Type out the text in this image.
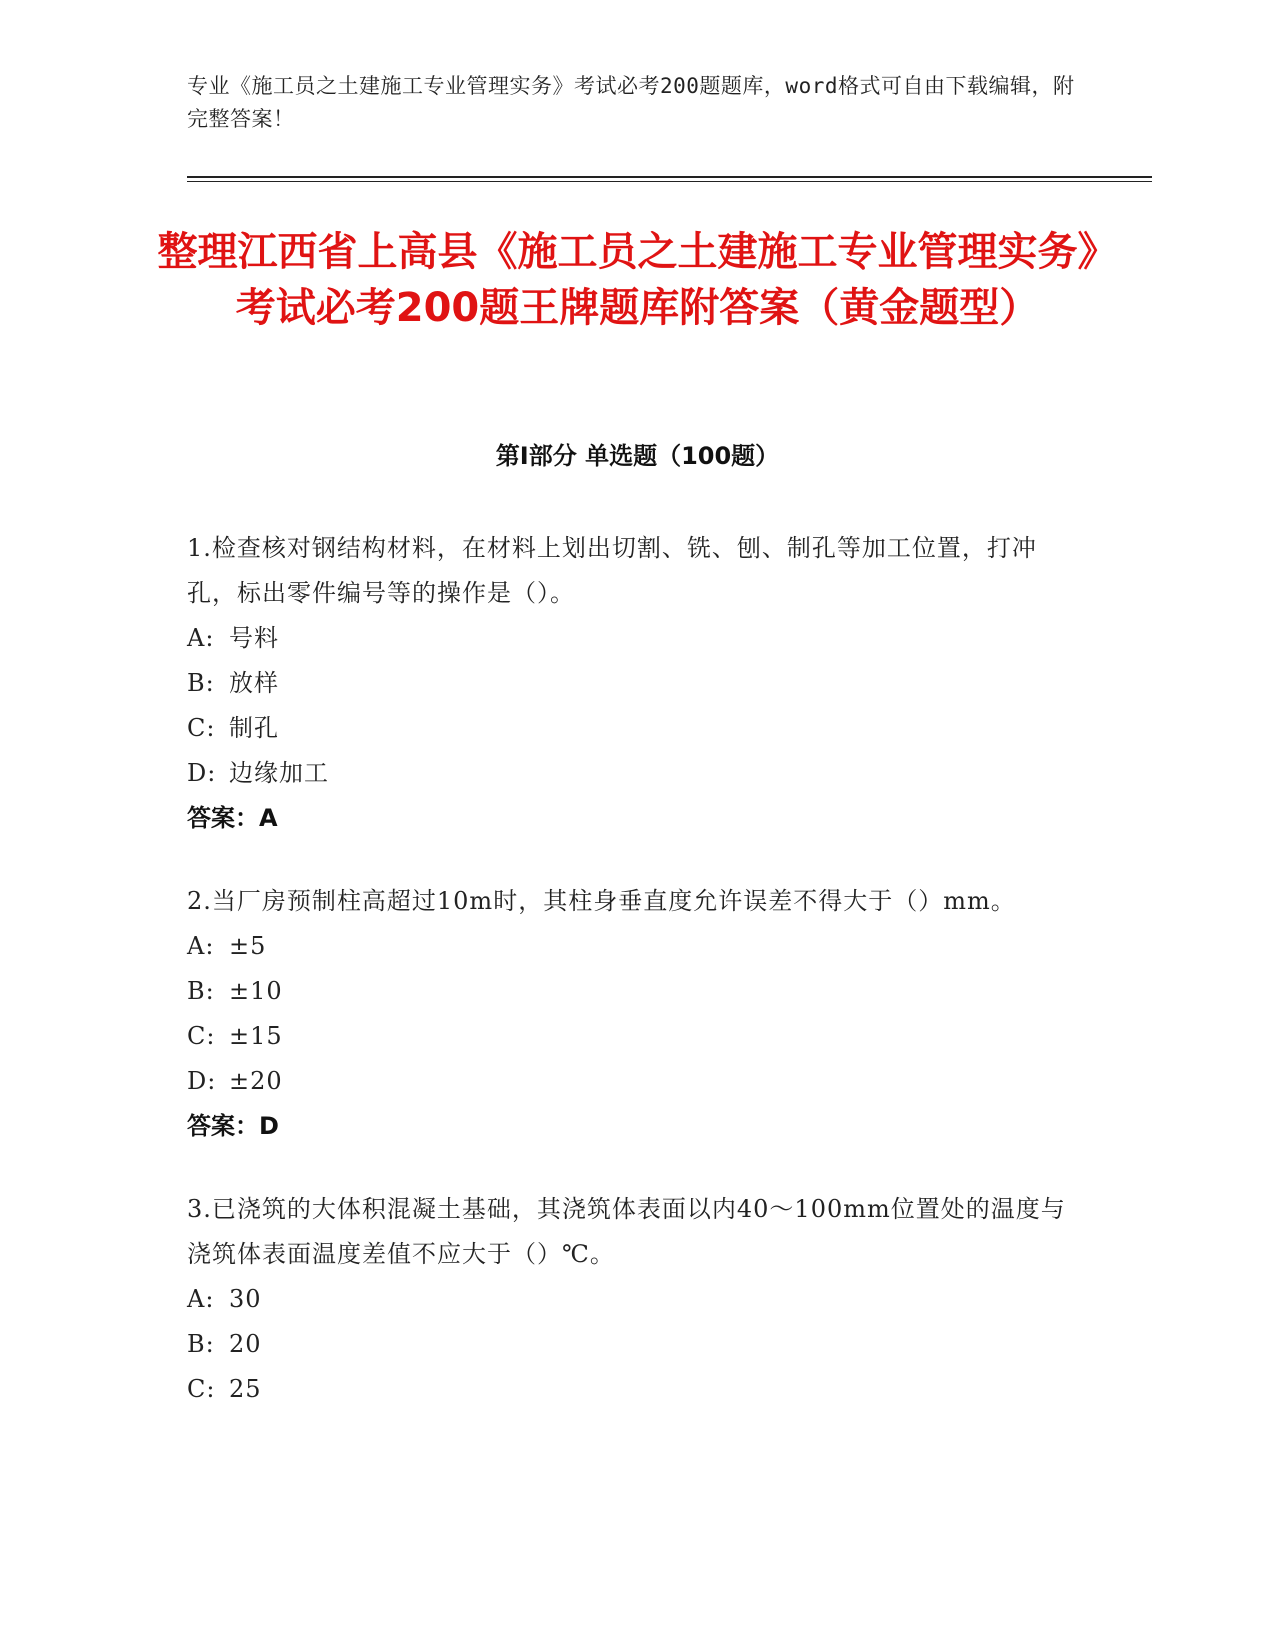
专业《施工员之土建施工专业管理实务》考试必考200题题库，word格式可自由下载编辑，附完整答案！
整理江西省上高县《施工员之土建施工专业管理实务》考试必考200题王牌题库附答案（黄金题型）
第Ⅰ部分 单选题（100题）
1.检查核对钢结构材料，在材料上划出切割、铣、刨、制孔等加工位置，打冲孔，标出零件编号等的操作是（）。
A: 号料
B: 放样
C: 制孔
D: 边缘加工
答案：A
2.当厂房预制柱高超过10m时，其柱身垂直度允许误差不得大于（）mm。
A: ±5
B: ±10
C: ±15
D: ±20
答案：D
3.已浇筑的大体积混凝土基础，其浇筑体表面以内40～100mm位置处的温度与浇筑体表面温度差值不应大于（）℃。
A: 30
B: 20
C: 25
